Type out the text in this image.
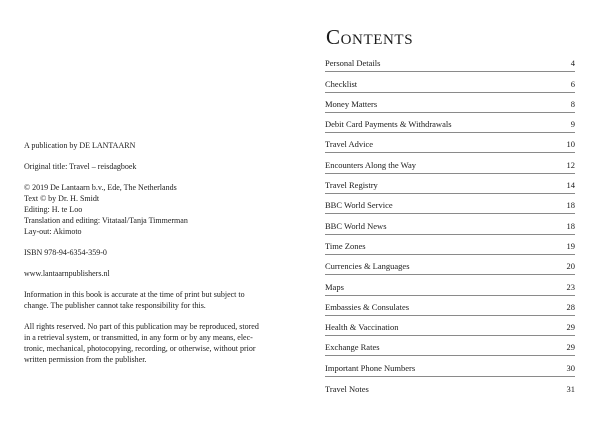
A publication by DE LANTAARN

Original title: Travel – reisdagboek

© 2019 De Lantaarn b.v., Ede, The Netherlands

Text © by Dr. H. Smidt

Editing: H. te Loo

Translation and editing: Vitataal/Tanja Timmerman

Lay-out: Akimoto

ISBN 978-94-6354-359-0

www.lantaarnpublishers.nl

Information in this book is accurate at the time of print but subject to

change. The publisher cannot take responsibility for this.

All rights reserved. No part of this publication may be reproduced, stored

in a retrieval system, or transmitted, in any form or by any means, elec-

tronic, mechanical, photocopying, recording, or otherwise, without prior

written permission from the publisher.

Contents
Personal Details	4
Checklist	6
Money Matters	8
Debit Card Payments & Withdrawals	9
Travel Advice	10
Encounters Along the Way	12
Travel Registry	14
BBC World Service	18
BBC World News	18
Time Zones	19
Currencies & Languages	20
Maps	23
Embassies & Consulates	28
Health & Vaccination	29
Exchange Rates	29
Important Phone Numbers	30
Travel Notes	31
